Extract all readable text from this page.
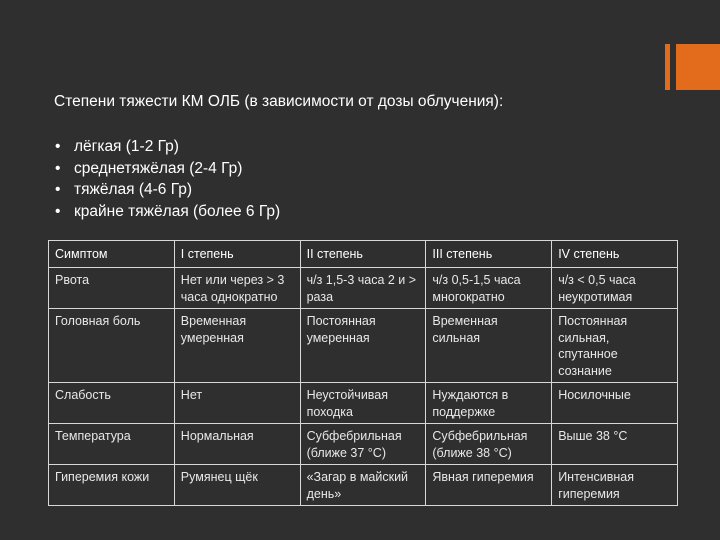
Степени тяжести КМ ОЛБ (в зависимости от дозы облучения):
• лёгкая (1-2 Гр)
• среднетяжёлая (2-4 Гр)
• тяжёлая (4-6 Гр)
• крайне тяжёлая (более 6 Гр)
Симптом	I степень	II степень	III степень	IV степень
Рвота	Нет или через > 3 часа однократно	ч/з 1,5-3 часа 2 и > раза	ч/з 0,5-1,5 часа многократно	ч/з < 0,5 часа неукротимая
Головная боль	Временная умеренная	Постоянная умеренная	Временная сильная	Постоянная сильная, спутанное сознание
Слабость	Нет	Неустойчивая походка	Нуждаются в поддержке	Носилочные
Температура	Нормальная	Субфебрильная (ближе 37 °C)	Субфебрильная (ближе 38 °C)	Выше 38 °C
Гиперемия кожи	Румянец щёк	«Загар в майский день»	Явная гиперемия	Интенсивная гиперемия
